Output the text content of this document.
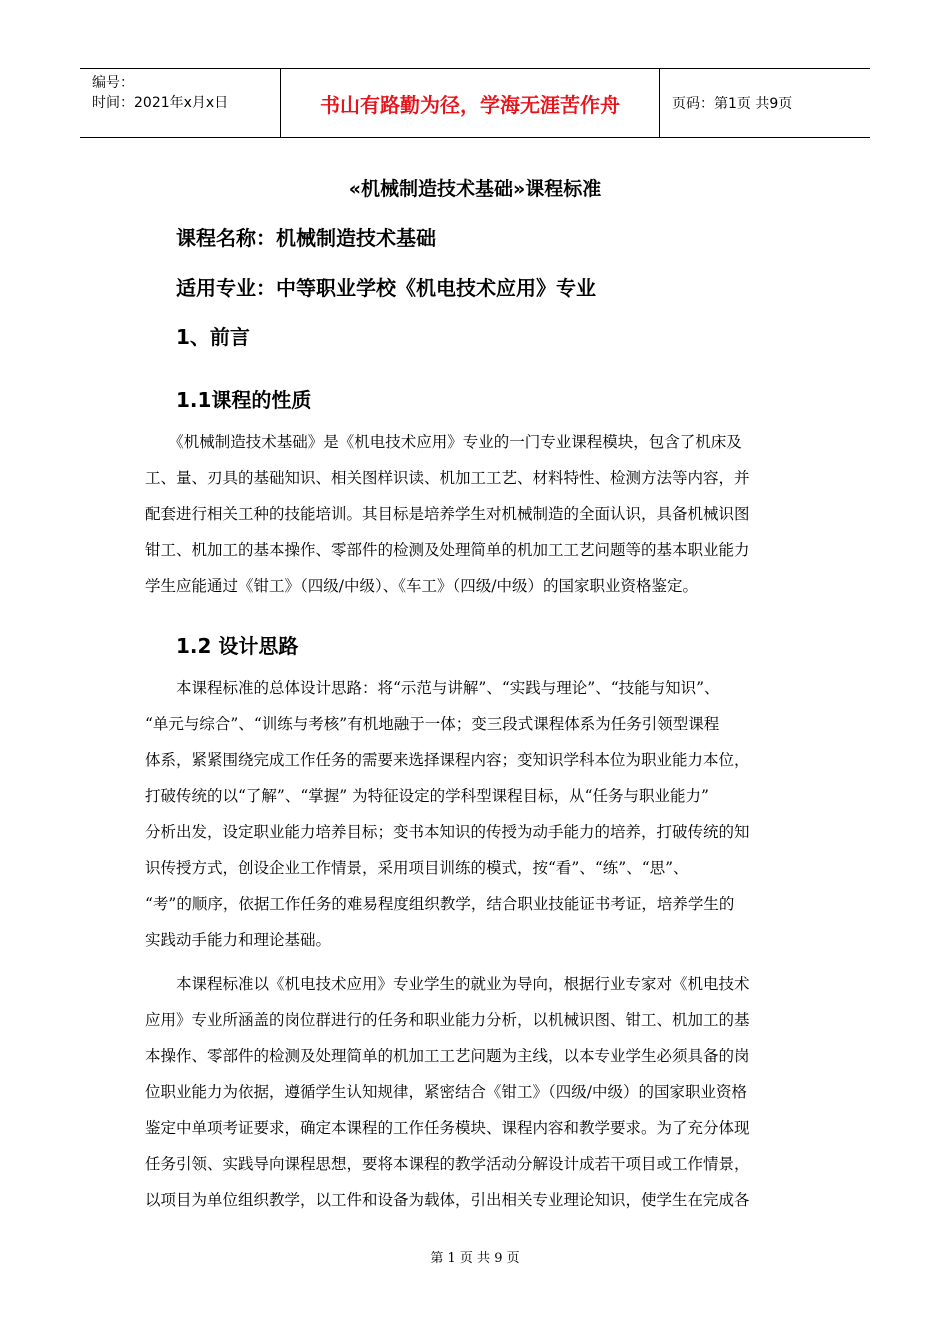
编号：
时间：2021年x月x日	书山有路勤为径，学海无涯苦作舟	页码：第1页 共9页
«机械制造技术基础»课程标准
课程名称：机械制造技术基础
适用专业：中等职业学校《机电技术应用》专业
1、前言
1.1课程的性质
　　《机械制造技术基础》是《机电技术应用》专业的一门专业课程模块，包含了机床及
工、量、刃具的基础知识、相关图样识读、机加工工艺、材料特性、检测方法等内容，并
配套进行相关工种的技能培训。其目标是培养学生对机械制造的全面认识，具备机械识图
钳工、机加工的基本操作、零部件的检测及处理简单的机加工工艺问题等的基本职业能力
学生应能通过《钳工》（四级/中级）、《车工》（四级/中级）的国家职业资格鉴定。
1.2 设计思路
　　本课程标准的总体设计思路：将“示范与讲解”、“实践与理论”、“技能与知识”、
“单元与综合”、“训练与考核”有机地融于一体；变三段式课程体系为任务引领型课程
体系，紧紧围绕完成工作任务的需要来选择课程内容；变知识学科本位为职业能力本位，
打破传统的以“了解”、“掌握” 为特征设定的学科型课程目标，从“任务与职业能力”
分析出发，设定职业能力培养目标；变书本知识的传授为动手能力的培养，打破传统的知
识传授方式，创设企业工作情景，采用项目训练的模式，按“看”、“练”、“思”、
“考”的顺序，依据工作任务的难易程度组织教学，结合职业技能证书考证，培养学生的
实践动手能力和理论基础。
　　本课程标准以《机电技术应用》专业学生的就业为导向，根据行业专家对《机电技术
应用》专业所涵盖的岗位群进行的任务和职业能力分析，以机械识图、钳工、机加工的基
本操作、零部件的检测及处理简单的机加工工艺问题为主线，以本专业学生必须具备的岗
位职业能力为依据，遵循学生认知规律，紧密结合《钳工》（四级/中级）的国家职业资格
鉴定中单项考证要求，确定本课程的工作任务模块、课程内容和教学要求。为了充分体现
任务引领、实践导向课程思想，要将本课程的教学活动分解设计成若干项目或工作情景，
以项目为单位组织教学，以工件和设备为载体，引出相关专业理论知识，使学生在完成各
第 1 页 共 9 页
